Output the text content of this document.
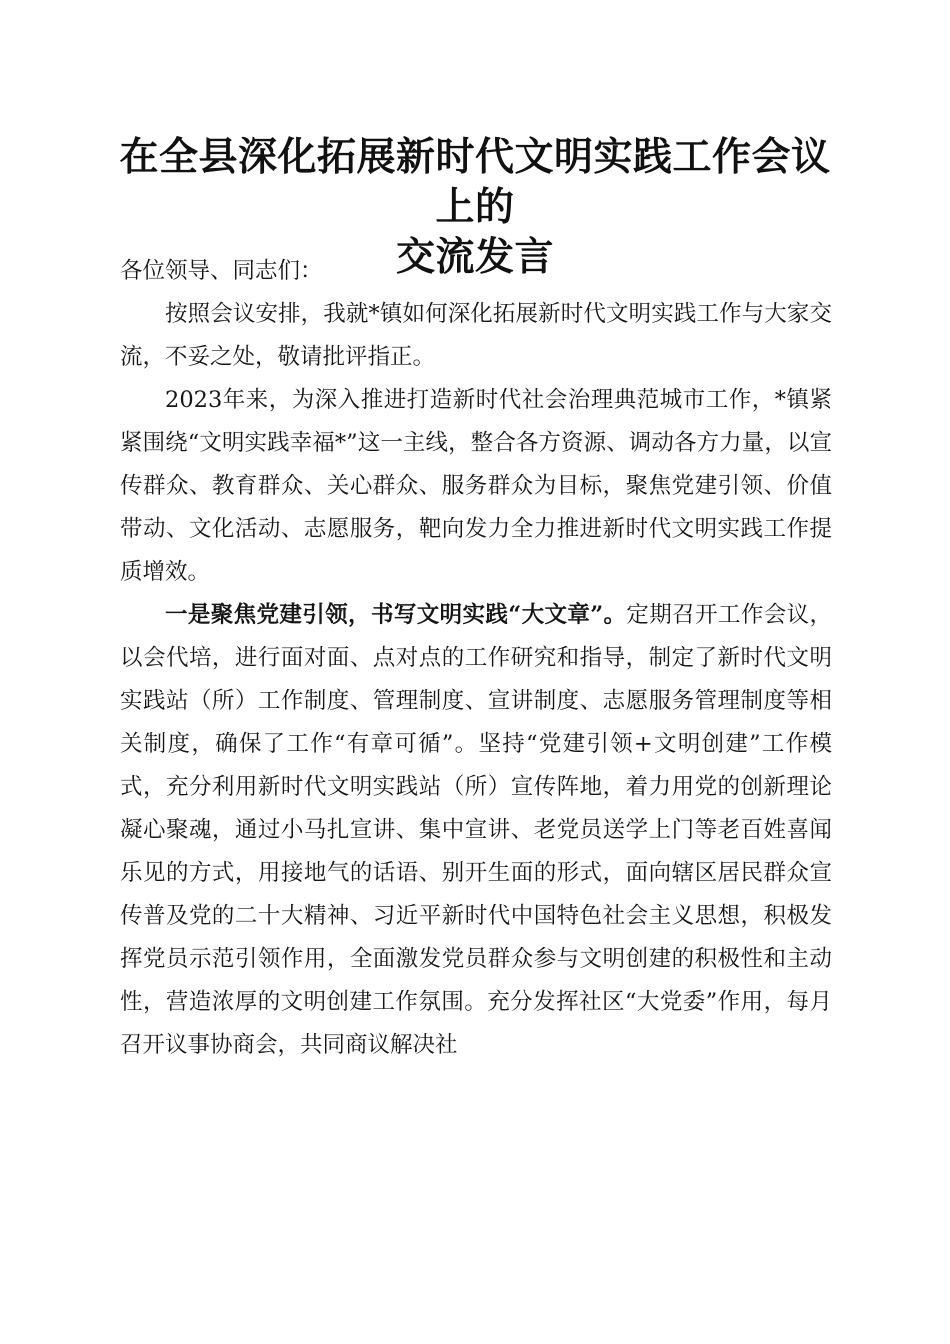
在全县深化拓展新时代文明实践工作会议上的
交流发言

各位领导、同志们：

按照会议安排，我就*镇如何深化拓展新时代文明实践工作与大家交流，不妥之处，敬请批评指正。

2023年来，为深入推进打造新时代社会治理典范城市工作，*镇紧紧围绕“文明实践幸福*”这一主线，整合各方资源、调动各方力量，以宣传群众、教育群众、关心群众、服务群众为目标，聚焦党建引领、价值带动、文化活动、志愿服务，靶向发力全力推进新时代文明实践工作提质增效。

一是聚焦党建引领，书写文明实践“大文章”。定期召开工作会议，以会代培，进行面对面、点对点的工作研究和指导，制定了新时代文明实践站（所）工作制度、管理制度、宣讲制度、志愿服务管理制度等相关制度，确保了工作“有章可循”。坚持“党建引领+文明创建”工作模式，充分利用新时代文明实践站（所）宣传阵地，着力用党的创新理论凝心聚魂，通过小马扎宣讲、集中宣讲、老党员送学上门等老百姓喜闻乐见的方式，用接地气的话语、别开生面的形式，面向辖区居民群众宣传普及党的二十大精神、习近平新时代中国特色社会主义思想，积极发挥党员示范引领作用，全面激发党员群众参与文明创建的积极性和主动性，营造浓厚的文明创建工作氛围。充分发挥社区“大党委”作用，每月召开议事协商会，共同商议解决社
